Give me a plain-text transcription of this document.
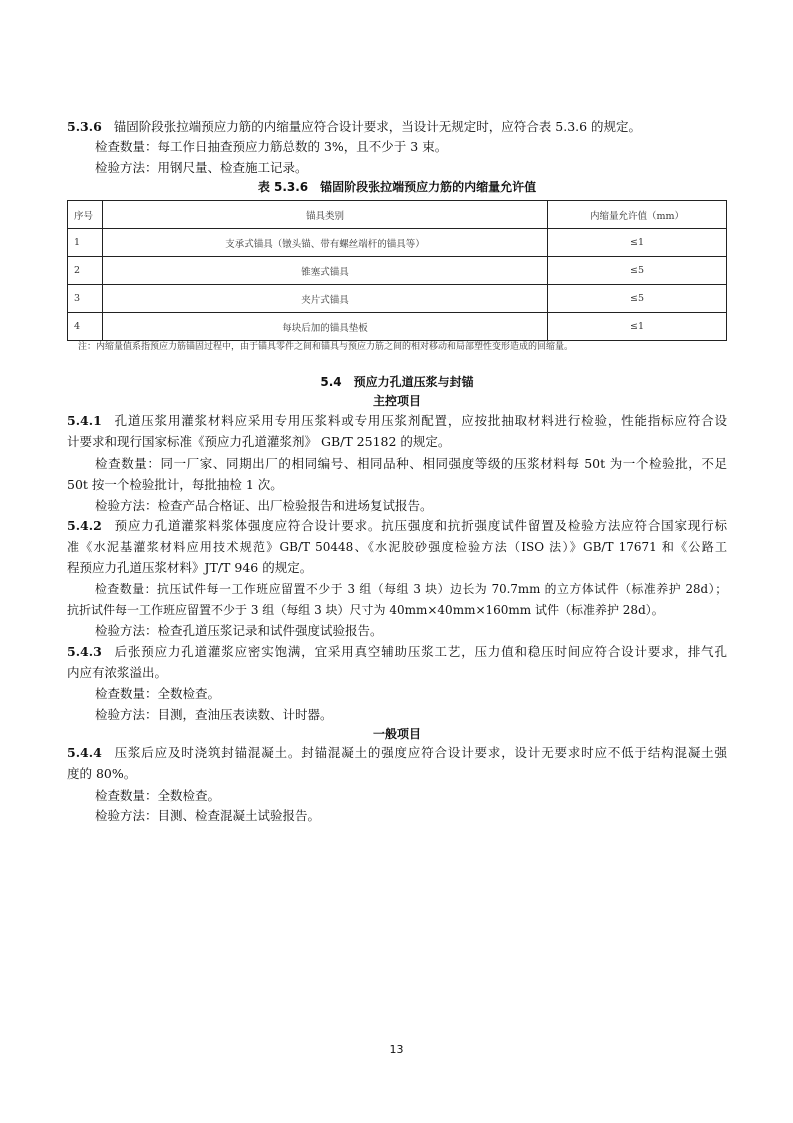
5.3.6 锚固阶段张拉端预应力筋的内缩量应符合设计要求，当设计无规定时，应符合表 5.3.6 的规定。
检查数量：每工作日抽查预应力筋总数的 3%，且不少于 3 束。
检验方法：用钢尺量、检查施工记录。
表 5.3.6　锚固阶段张拉端预应力筋的内缩量允许值
序号	锚具类别	内缩量允许值（mm）
1	支承式锚具（镦头锚、带有螺丝端杆的锚具等）	≤1
2	锥塞式锚具	≤5
3	夹片式锚具	≤5
4	每块后加的锚具垫板	≤1
注：内缩量值系指预应力筋锚固过程中，由于锚具零件之间和锚具与预应力筋之间的相对移动和局部塑性变形造成的回缩量。
5.4　预应力孔道压浆与封锚
主控项目
5.4.1 孔道压浆用灌浆材料应采用专用压浆料或专用压浆剂配置，应按批抽取材料进行检验，性能指标应符合设
计要求和现行国家标准《预应力孔道灌浆剂》 GB/T 25182 的规定。
检查数量：同一厂家、同期出厂的相同编号、相同品种、相同强度等级的压浆材料每 50t 为一个检验批，不足
50t 按一个检验批计，每批抽检 1 次。
检验方法：检查产品合格证、出厂检验报告和进场复试报告。
5.4.2 预应力孔道灌浆料浆体强度应符合设计要求。抗压强度和抗折强度试件留置及检验方法应符合国家现行标
准《水泥基灌浆材料应用技术规范》GB/T 50448、《水泥胶砂强度检验方法（ISO 法）》GB/T 17671 和《公路工
程预应力孔道压浆材料》JT/T 946 的规定。
检查数量：抗压试件每一工作班应留置不少于 3 组（每组 3 块）边长为 70.7mm 的立方体试件（标准养护 28d）；
抗折试件每一工作班应留置不少于 3 组（每组 3 块）尺寸为 40mm×40mm×160mm 试件（标准养护 28d）。
检验方法：检查孔道压浆记录和试件强度试验报告。
5.4.3 后张预应力孔道灌浆应密实饱满，宜采用真空辅助压浆工艺，压力值和稳压时间应符合设计要求，排气孔
内应有浓浆溢出。
检查数量：全数检查。
检验方法：目测，查油压表读数、计时器。
一般项目
5.4.4 压浆后应及时浇筑封锚混凝土。封锚混凝土的强度应符合设计要求，设计无要求时应不低于结构混凝土强
度的 80%。
检查数量：全数检查。
检验方法：目测、检查混凝土试验报告。
13
